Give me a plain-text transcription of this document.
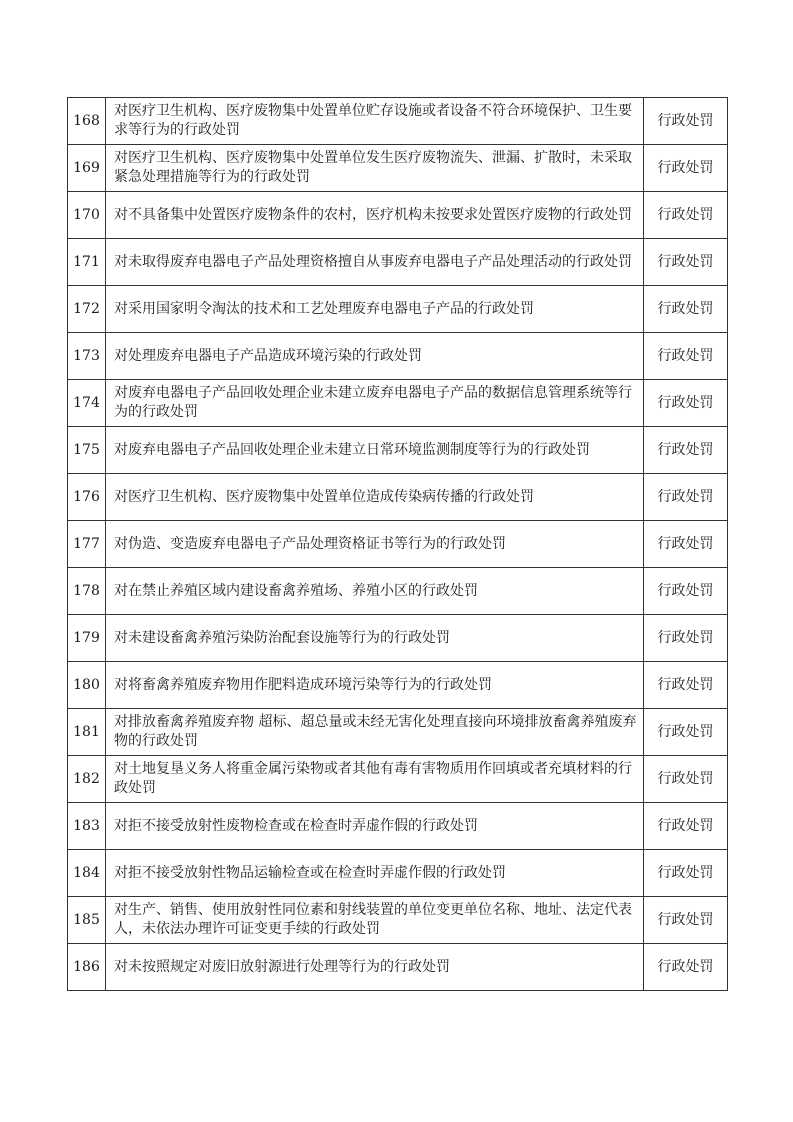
168	对医疗卫生机构、医疗废物集中处置单位贮存设施或者设备不符合环境保护、卫生要求等行为的行政处罚	行政处罚
169	对医疗卫生机构、医疗废物集中处置单位发生医疗废物流失、泄漏、扩散时，未采取紧急处理措施等行为的行政处罚	行政处罚
170	对不具备集中处置医疗废物条件的农村，医疗机构未按要求处置医疗废物的行政处罚	行政处罚
171	对未取得废弃电器电子产品处理资格擅自从事废弃电器电子产品处理活动的行政处罚	行政处罚
172	对采用国家明令淘汰的技术和工艺处理废弃电器电子产品的行政处罚	行政处罚
173	对处理废弃电器电子产品造成环境污染的行政处罚	行政处罚
174	对废弃电器电子产品回收处理企业未建立废弃电器电子产品的数据信息管理系统等行为的行政处罚	行政处罚
175	对废弃电器电子产品回收处理企业未建立日常环境监测制度等行为的行政处罚	行政处罚
176	对医疗卫生机构、医疗废物集中处置单位造成传染病传播的行政处罚	行政处罚
177	对伪造、变造废弃电器电子产品处理资格证书等行为的行政处罚	行政处罚
178	对在禁止养殖区域内建设畜禽养殖场、养殖小区的行政处罚	行政处罚
179	对未建设畜禽养殖污染防治配套设施等行为的行政处罚	行政处罚
180	对将畜禽养殖废弃物用作肥料造成环境污染等行为的行政处罚	行政处罚
181	对排放畜禽养殖废弃物 超标、超总量或未经无害化处理直接向环境排放畜禽养殖废弃物的行政处罚	行政处罚
182	对土地复垦义务人将重金属污染物或者其他有毒有害物质用作回填或者充填材料的行政处罚	行政处罚
183	对拒不接受放射性废物检查或在检查时弄虚作假的行政处罚	行政处罚
184	对拒不接受放射性物品运输检查或在检查时弄虚作假的行政处罚	行政处罚
185	对生产、销售、使用放射性同位素和射线装置的单位变更单位名称、地址、法定代表人，未依法办理许可证变更手续的行政处罚	行政处罚
186	对未按照规定对废旧放射源进行处理等行为的行政处罚	行政处罚
